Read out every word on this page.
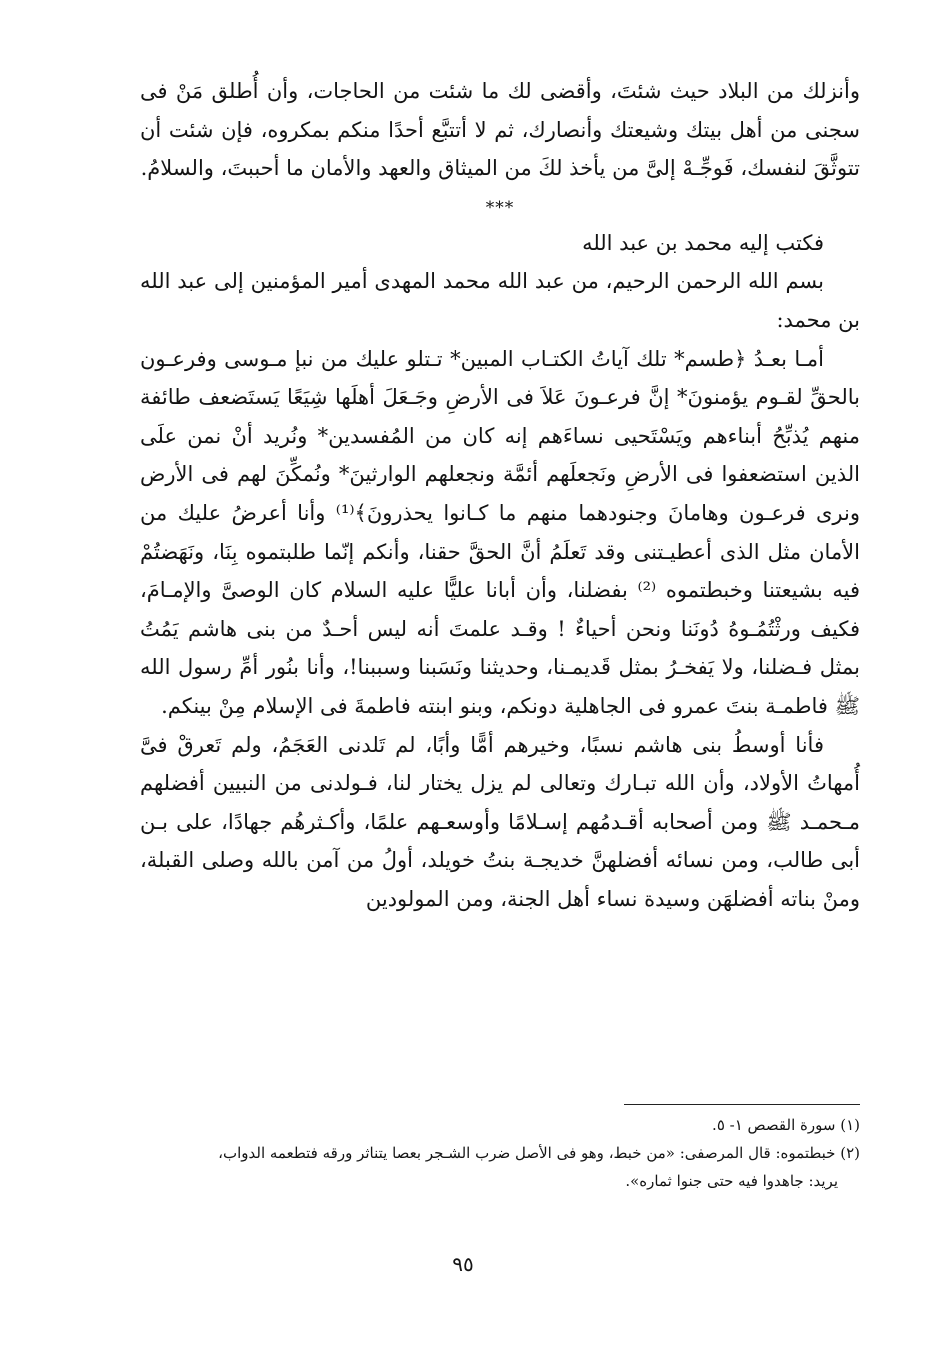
وأنزلك من البلاد حيث شئتَ، وأقضى لك ما شئت من الحاجات، وأن أُطلق مَنْ فى سجنى من أهل بيتك وشيعتك وأنصارك، ثم لا أتتبَّع أحدًا منكم بمكروه، فإن شئت أن تتوثَّقَ لنفسك، فَوجِّـهْ إلىَّ من يأخذ لكَ من الميثاق والعهد والأمان ما أحببتَ، والسلامُ.

***

فكتب إليه محمد بن عبد الله

بسم الله الرحمن الرحيم، من عبد الله محمد المهدى أمير المؤمنين إلى عبد الله بن محمد:

أمـا بعـدُ ﴿طسم* تلك آياتُ الكتـاب المبين* تـتلو عليك من نبإ مـوسى وفرعـون بالحقِّ لقـوم يؤمنونَ* إنَّ فرعـونَ عَلاَ فى الأرضِ وجَـعَلَ أهلَها شِيَعًا يَستَضعف طائفة منهم يُذبِّحُ أبناءهم ويَسْتَحيى نساءَهم إنه كان من المُفسدين* ونُريد أنْ نمن علَى الذين استضعفوا فى الأرضِ ونَجعلَهم أئمَّة ونجعلهم الوارثينَ* ونُمكِّنَ لهم فى الأرض ونرى فرعـون وهامانَ وجنودهما منهم ما كـانوا يحذرونَ﴾⁽¹⁾ وأنا أعرضُ عليك من الأمان مثل الذى أعطيـتنى وقد تَعلَمُ أنَّ الحقَّ حقنا، وأنكم إنّما طلبتموه بِنَا، ونَهَضتُمْ فيه بشيعتنا وخبطتموه ⁽²⁾ بفضلنا، وأن أبانا عليًّا عليه السلام كان الوصىَّ والإمـامَ، فكيف ورثْتُمُـوهُ دُونَنا ونحن أحياءٌ ! وقـد علمتَ أنه ليس أحـدٌ من بنى هاشم يَمُتُ بمثل فـضلنا، ولا يَفخـرُ بمثل قَديمـنا، وحديثنا ونَسَبنا وسببنا!، وأنا بنُور أمِّ رسول الله ﷺ فاطمـة بنتَ عمرو فى الجاهلية دونكم، وبنو ابنته فاطمةَ فى الإسلام مِنْ بينكم.

فأنا أوسطُ بنى هاشم نسبًا، وخيرهم أمًّا وأبًا، لم تَلدنى العَجَمُ، ولم تَعرقْ فىَّ أُمهاتُ الأولاد، وأن الله تبـارك وتعالى لم يزل يختار لنا، فـولدنى من النبيين أفضلهم مـحمـد ﷺ ومن أصحابه أقـدمُهم إسـلامًا وأوسعـهم علمًا، وأكـثرهُم جهادًا، على بـن أبى طالب، ومن نسائه أفضلهنَّ خديجـة بنتُ خويلد، أولُ من آمن بالله وصلى القبلة، ومنْ بناته أفضلهَن وسيدة نساء أهل الجنة، ومن المولودين

(١) سورة القصص ١- ٥.

(٢) خبطتموه: قال المرصفى: «من خبط، وهو فى الأصل ضرب الشـجر بعصا يتناثر ورقه فتطعمه الدواب،

يريد: جاهدوا فيه حتى جنوا ثماره».

٩٥
